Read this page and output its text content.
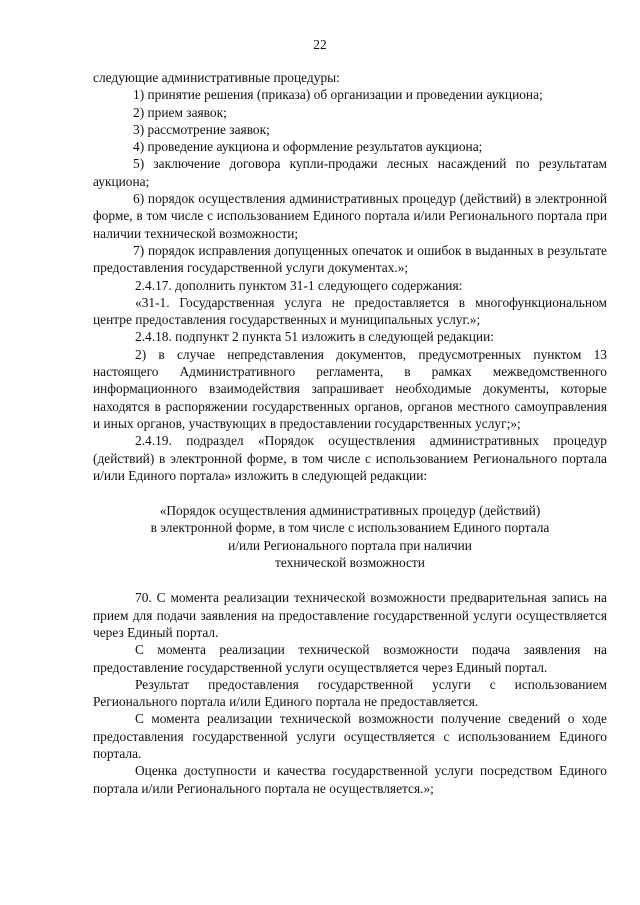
22

следующие административные процедуры:

1) принятие решения (приказа) об организации и проведении аукциона;

2) прием заявок;

3) рассмотрение заявок;

4) проведение аукциона и оформление результатов аукциона;

5) заключение договора купли-продажи лесных насаждений по результатам аукциона;

6) порядок осуществления административных процедур (действий) в электронной форме, в том числе с использованием Единого портала и/или Регионального портала при наличии технической возможности;

7) порядок исправления допущенных опечаток и ошибок в выданных в результате предоставления государственной услуги документах.»;

2.4.17. дополнить пунктом 31-1 следующего содержания:

«31-1. Государственная услуга не предоставляется в многофункциональном центре предоставления государственных и муниципальных услуг.»;

2.4.18. подпункт 2 пункта 51 изложить в следующей редакции:

2) в случае непредставления документов, предусмотренных пунктом 13 настоящего Административного регламента, в рамках межведомственного информационного взаимодействия запрашивает необходимые документы, которые находятся в распоряжении государственных органов, органов местного самоуправления и иных органов, участвующих в предоставлении государственных услуг;»;

2.4.19. подраздел «Порядок осуществления административных процедур (действий) в электронной форме, в том числе с использованием Регионального портала и/или Единого портала» изложить в следующей редакции:

«Порядок осуществления административных процедур (действий)
в электронной форме, в том числе с использованием Единого портала
и/или Регионального портала при наличии
технической возможности

70. С момента реализации технической возможности предварительная запись на прием для подачи заявления на предоставление государственной услуги осуществляется через Единый портал.

С момента реализации технической возможности подача заявления на предоставление государственной услуги осуществляется через Единый портал.

Результат предоставления государственной услуги с использованием Регионального портала и/или Единого портала не предоставляется.

С момента реализации технической возможности получение сведений о ходе предоставления государственной услуги осуществляется с использованием Единого портала.

Оценка доступности и качества государственной услуги посредством Единого портала и/или Регионального портала не осуществляется.»;
